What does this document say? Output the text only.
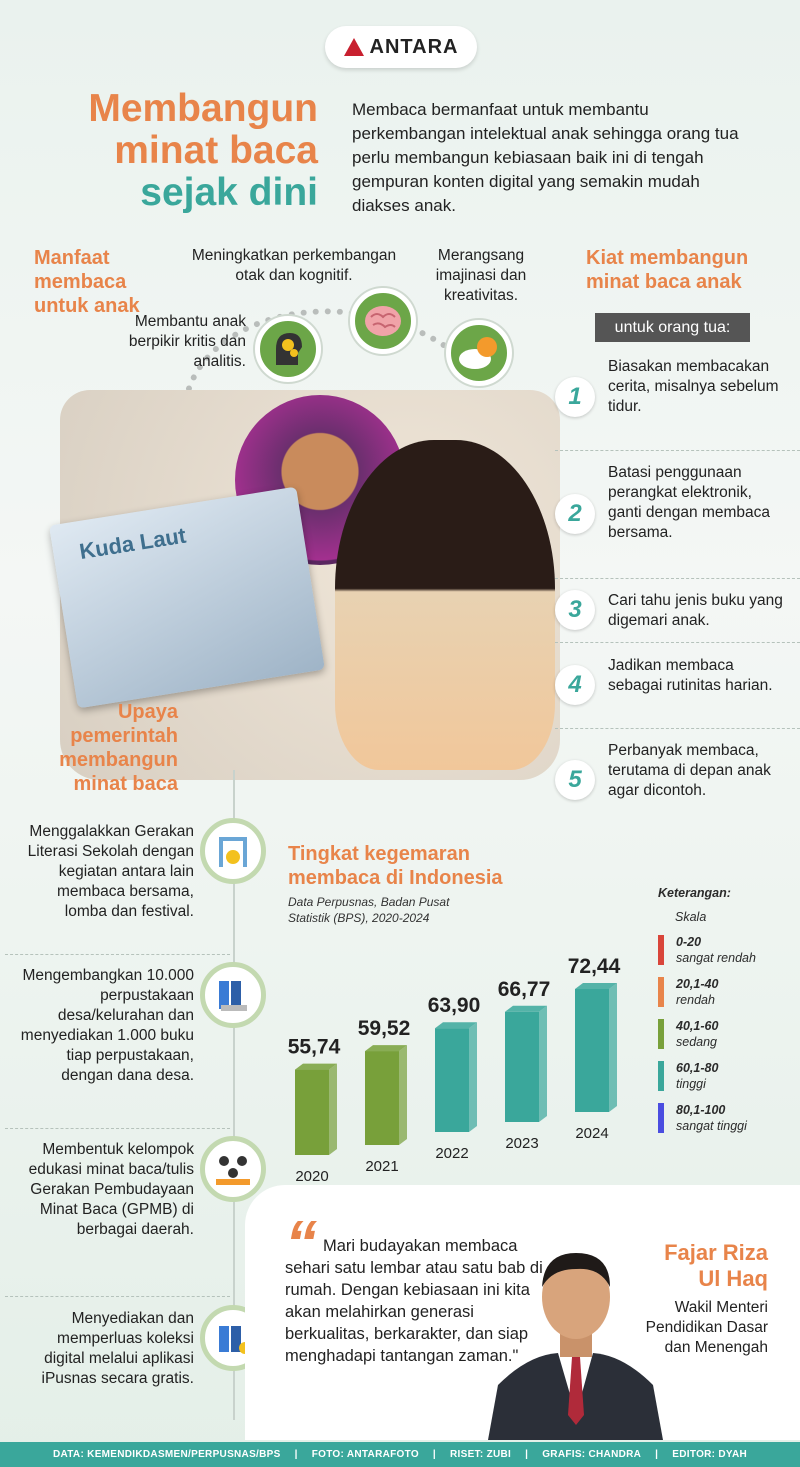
ANTARA
Membangun
minat baca
sejak dini
Membaca bermanfaat untuk membantu perkembangan intelektual anak sehingga orang tua perlu membangun kebiasaan baik ini di tengah gempuran konten digital yang semakin mudah diakses anak.
Manfaat membaca untuk anak
Meningkatkan perkembangan otak dan kognitif.
Merangsang imajinasi dan kreativitas.
Membantu anak berpikir kritis dan analitis.
Kuda Laut
Kiat membangun minat baca anak
untuk orang tua:
1
Biasakan membacakan cerita, misalnya sebelum tidur.
2
Batasi penggunaan perangkat elektronik, ganti dengan membaca bersama.
3	Cari tahu jenis buku yang digemari anak.
4
Jadikan membaca sebagai rutinitas harian.
5
Perbanyak membaca, terutama di depan anak agar dicontoh.
Upaya pemerintah membangun minat baca
Menggalakkan Gerakan Literasi Sekolah dengan kegiatan antara lain membaca bersama, lomba dan festival.
Mengembangkan 10.000 perpustakaan desa/kelurahan dan menyediakan 1.000 buku tiap perpustakaan, dengan dana desa.
Membentuk kelompok edukasi minat baca/tulis Gerakan Pembudayaan Minat Baca (GPMB) di berbagai daerah.
Menyediakan dan memperluas koleksi digital melalui aplikasi iPusnas secara gratis.
Tingkat kegemaran membaca di Indonesia
Data Perpusnas, Badan Pusat Statistik (BPS), 2020-2024
55,74
2020
59,52
2021
63,90
2022
66,77
2023
72,44
2024
Keterangan:
Skala
0-20
sangat rendah
20,1-40
rendah
40,1-60
sedang
60,1-80
tinggi
80,1-100
sangat tinggi
“ Mari budayakan membaca sehari satu lembar atau satu bab di rumah. Dengan kebiasaan ini kita akan melahirkan generasi berkualitas, berkarakter, dan siap menghadapi tantangan zaman."
Fajar Riza Ul Haq
Wakil Menteri Pendidikan Dasar dan Menengah
DATA: KEMENDIKDASMEN/PERPUSNAS/BPS | FOTO: ANTARAFOTO | RISET: ZUBI | GRAFIS: CHANDRA | EDITOR: DYAH
